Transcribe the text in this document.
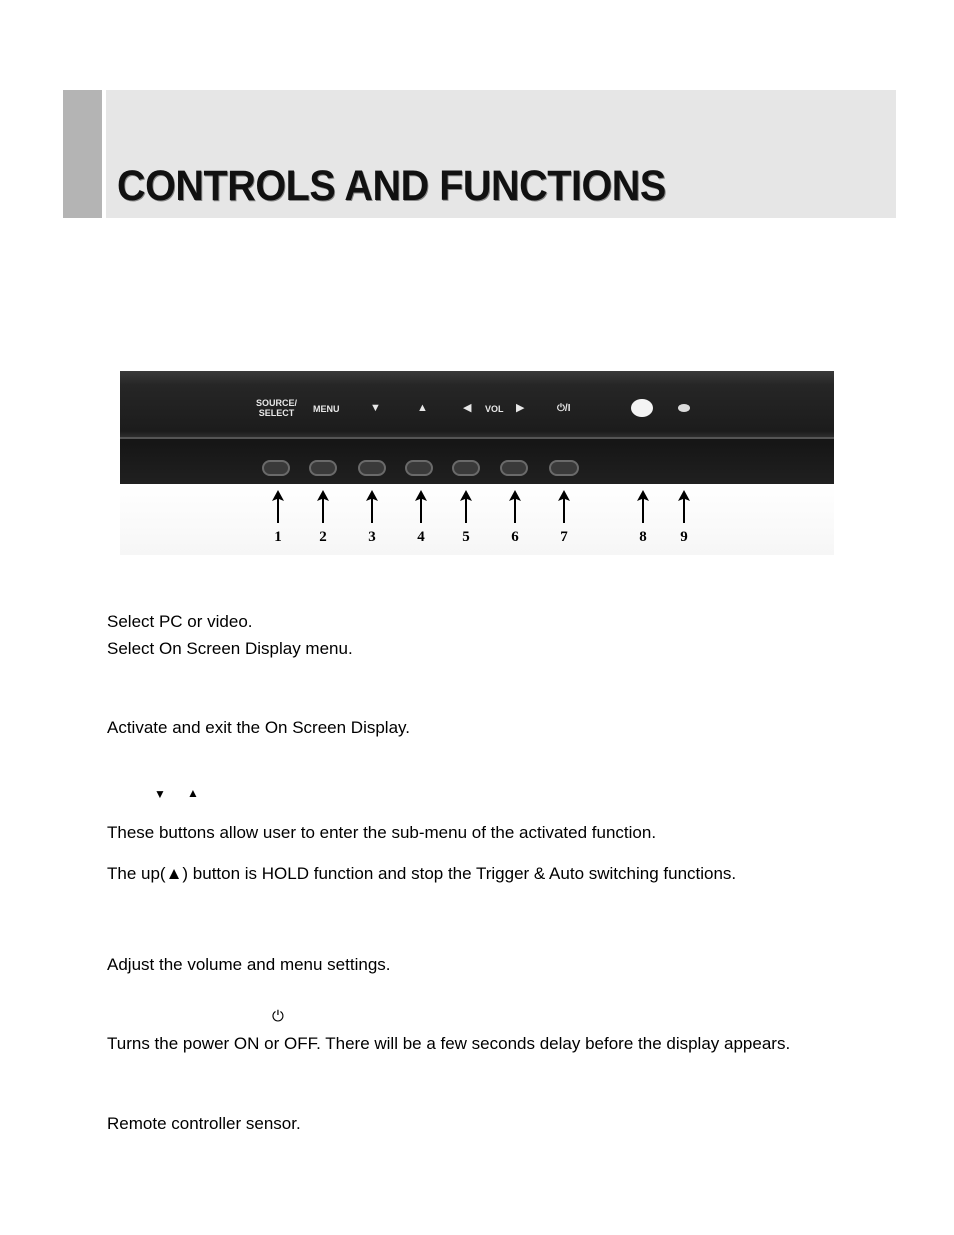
CONTROLS AND FUNCTIONS
SOURCE/
SELECT	MENU	▼	▲	◀ VOL ▶	⏻/I
1	2	3	4	5	6	7	8	9
Select PC or video.
Select On Screen Display menu.
Activate and exit the On Screen Display.
▼ ▲
These buttons allow user to enter the sub-menu of the activated function.
The up(▲) button is HOLD function and stop the Trigger & Auto switching functions.
Adjust the volume and menu settings.
⏻
Turns the power ON or OFF. There will be a few seconds delay before the display appears.
Remote controller sensor.
